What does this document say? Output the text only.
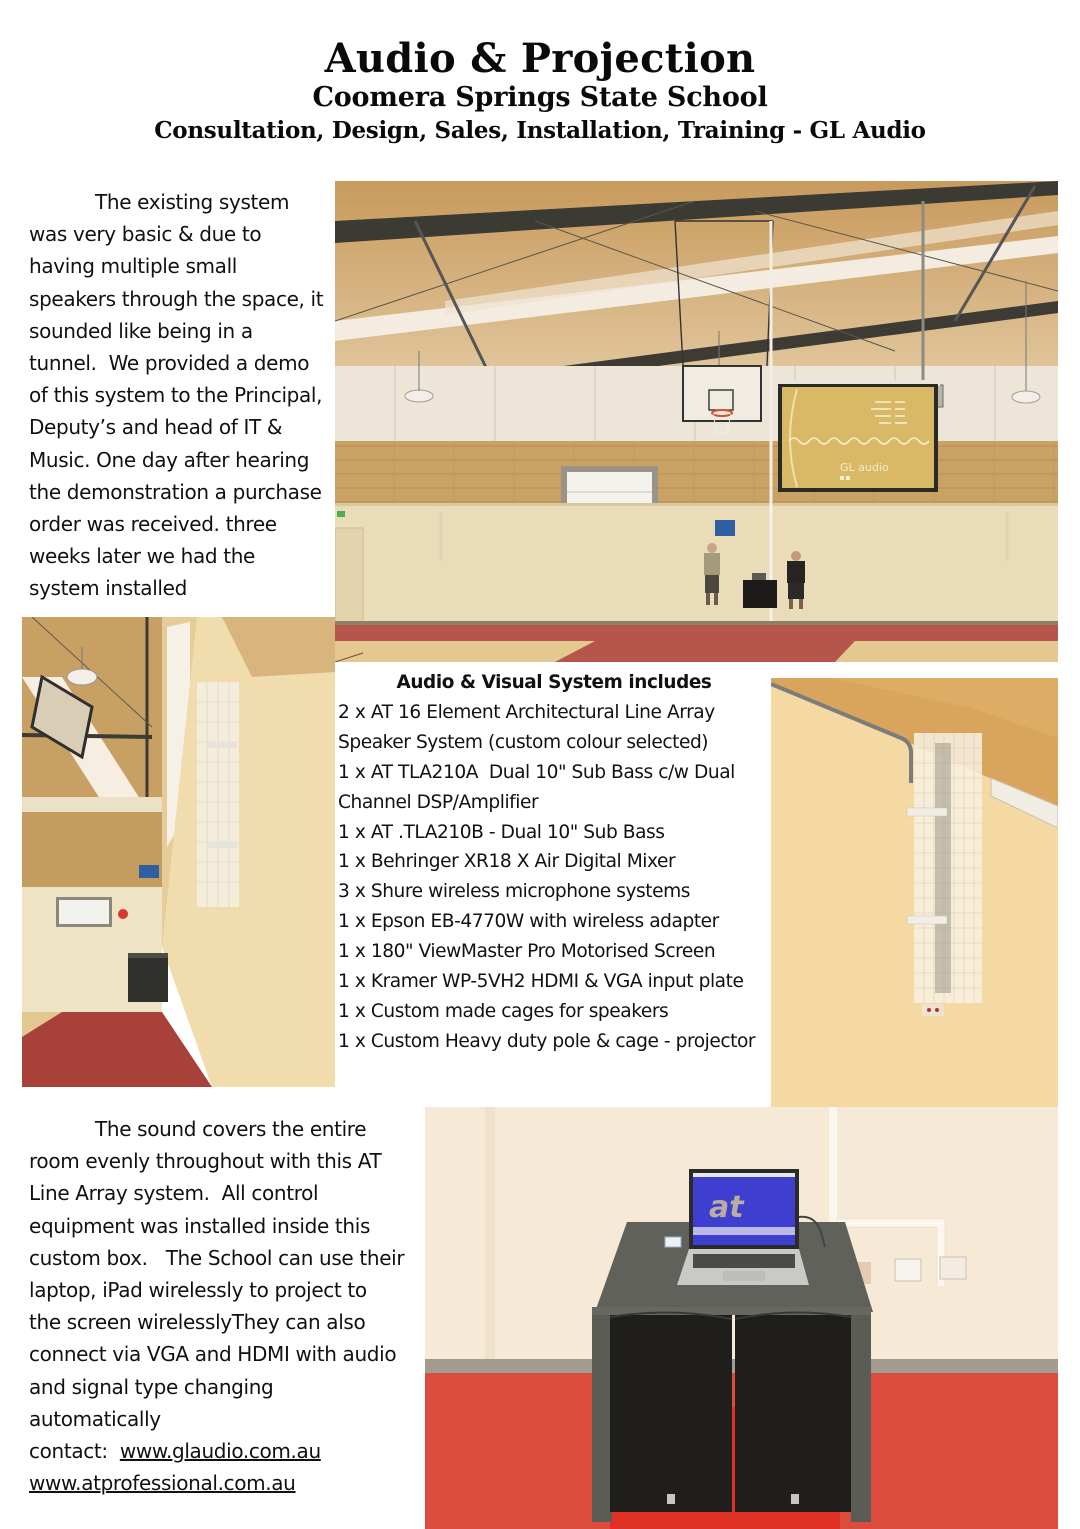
Audio & Projection
Coomera Springs State School
Consultation, Design, Sales, Installation, Training - GL Audio
The existing system
was very basic & due to
having multiple small
speakers through the space, it
sounded like being in a
tunnel.  We provided a demo
of this system to the Principal,
Deputy’s and head of IT &
Music. One day after hearing
the demonstration a purchase
order was received. three
weeks later we had the
system installed
GL audio
Audio & Visual System includes
2 x AT 16 Element Architectural Line Array
Speaker System (custom colour selected)
1 x AT TLA210A  Dual 10" Sub Bass c/w Dual
Channel DSP/Amplifier
1 x AT .TLA210B - Dual 10" Sub Bass
1 x Behringer XR18 X Air Digital Mixer
3 x Shure wireless microphone systems
1 x Epson EB-4770W with wireless adapter
1 x 180" ViewMaster Pro Motorised Screen
1 x Kramer WP-5VH2 HDMI & VGA input plate
1 x Custom made cages for speakers
1 x Custom Heavy duty pole & cage - projector
The sound covers the entire
room evenly throughout with this AT
Line Array system.  All control
equipment was installed inside this
custom box.   The School can use their
laptop, iPad wirelessly to project to
the screen wirelesslyThey can also
connect via VGA and HDMI with audio
and signal type changing
automatically
contact: www.glaudio.com.au
www.atprofessional.com.au
at
